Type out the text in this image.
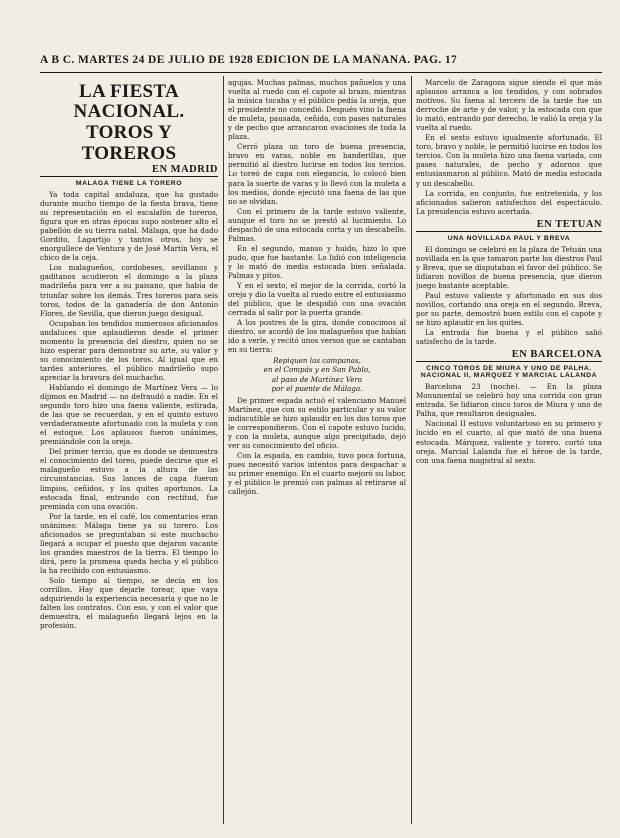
A B C. MARTES 24 DE JULIO DE 1928 EDICION DE LA MAÑANA. PAG. 17
LA FIESTA NACIONAL.
TOROS Y TOREROS
EN MADRID
MALAGA TIENE LA TORERO

Ya toda capital andaluza, que ha gustado durante mucho tiempo de la fiesta brava, tiene su representación en el escalafón de toreros, figura que en otras épocas supo sostener alto el pabellón de su tierra natal. Málaga, que ha dado Gordito, Lagartijo y tantos otros, hoy se enorgullece de Ventura y de José Martín Vera, el chico de la ceja.

Los malagueños, cordobeses, sevillanos y gaditanos acudieron el domingo a la plaza madrileña para ver a su paisano, que había de triunfar sobre los demás. Tres toreros para seis toros, todos de la ganadería de don Antonio Flores, de Sevilla, que dieron juego desigual.

Ocupaban los tendidos numerosos aficionados andaluces que aplaudieron desde el primer momento la presencia del diestro, quien no se hizo esperar para demostrar su arte, su valor y su conocimiento de los toros. Al igual que en tardes anteriores, el público madrileño supo apreciar la bravura del muchacho.

Hablando el domingo de Martínez Vera — lo dijimos en Madrid — no defraudó a nadie. En el segundo toro hizo una faena valiente, estirada, de las que se recuerdan, y en el quinto estuvo verdaderamente afortunado con la muleta y con el estoque. Los aplausos fueron unánimes, premiándole con la oreja.

Del primer tercio, que es donde se demuestra el conocimiento del toreo, puede decirse que el malagueño estuvo a la altura de las circunstancias. Sus lances de capa fueron limpios, ceñidos, y los quites oportunos. La estocada final, entrando con rectitud, fue premiada con una ovación.

Por la tarde, en el café, los comentarios eran unánimes: Málaga tiene ya su torero. Los aficionados se preguntaban si este muchacho llegará a ocupar el puesto que dejaron vacante los grandes maestros de la tierra. El tiempo lo dirá, pero la promesa queda hecha y el público la ha recibido con entusiasmo.

Solo tiempo al tiempo, se decía en los corrillos. Hay que dejarle torear, que vaya adquiriendo la experiencia necesaria y que no le falten los contratos. Con eso, y con el valor que demuestra, el malagueño llegará lejos en la profesión.

agujas. Muchas palmas, muchos pañuelos y una vuelta al ruedo con el capote al brazo, mientras la música tocaba y el público pedía la oreja, que el presidente no concedió. Después vino la faena de muleta, pausada, ceñida, con pases naturales y de pecho que arrancaron ovaciones de toda la plaza.

Cerró plaza un toro de buena presencia, bravo en varas, noble en banderillas, que permitió al diestro lucirse en todos los tercios. Lo toreó de capa con elegancia, lo colocó bien para la suerte de varas y lo llevó con la muleta a los medios, donde ejecutó una faena de las que no se olvidan.

Con el primero de la tarde estuvo valiente, aunque el toro no se prestó al lucimiento. Lo despachó de una estocada corta y un descabello. Palmas.

En el segundo, manso y huido, hizo lo que pudo, que fue bastante. Lo lidió con inteligencia y lo mató de media estocada bien señalada. Palmas y pitos.

Y en el sexto, el mejor de la corrida, cortó la oreja y dio la vuelta al ruedo entre el entusiasmo del público, que le despidió con una ovación cerrada al salir por la puerta grande.

A los postres de la gira, donde conocimos al diestro, se acordó de los malagueños que habían ido a verle, y recitó unos versos que se cantaban en su tierra:

Repiquen las campanas,
en el Compás y en San Pablo,
al paso de Martínez Vera
por el puente de Málaga.

De primer espada actuó el valenciano Manuel Martínez, que con su estilo particular y su valor indiscutible se hizo aplaudir en los dos toros que le correspondieron. Con el capote estuvo lucido, y con la muleta, aunque algo precipitado, dejó ver su conocimiento del oficio.

Con la espada, en cambio, tuvo poca fortuna, pues necesitó varios intentos para despachar a su primer enemigo. En el cuarto mejoró su labor, y el público le premió con palmas al retirarse al callejón.

Marcelo de Zaragoza sigue siendo el que más aplausos arranca a los tendidos, y con sobrados motivos. Su faena al tercero de la tarde fue un derroche de arte y de valor, y la estocada con que lo mató, entrando por derecho, le valió la oreja y la vuelta al ruedo.

En el sexto estuvo igualmente afortunado. El toro, bravo y noble, le permitió lucirse en todos los tercios. Con la muleta hizo una faena variada, con pases naturales, de pecho y adornos que entusiasmaron al público. Mató de media estocada y un descabello.

La corrida, en conjunto, fue entretenida, y los aficionados salieron satisfechos del espectáculo. La presidencia estuvo acertada.

EN TETUAN
UNA NOVILLADA PAUL Y BREVA

El domingo se celebró en la plaza de Tetuán una novillada en la que tomaron parte los diestros Paul y Breva, que se disputaban el favor del público. Se lidiaron novillos de buena presencia, que dieron juego bastante aceptable.

Paul estuvo valiente y afortunado en sus dos novillos, cortando una oreja en el segundo. Breva, por su parte, demostró buen estilo con el capote y se hizo aplaudir en los quites.

La entrada fue buena y el público salió satisfecho de la tarde.

EN BARCELONA
CINCO TOROS DE MIURA Y UNO DE PALHA. NACIONAL II, MARQUEZ Y MARCIAL LALANDA

Barcelona 23 (noche). — En la plaza Monumental se celebró hoy una corrida con gran entrada. Se lidiaron cinco toros de Miura y uno de Palha, que resultaron desiguales.

Nacional II estuvo voluntarioso en su primero y lucido en el cuarto, al que mató de una buena estocada. Márquez, valiente y torero, cortó una oreja. Marcial Lalanda fue el héroe de la tarde, con una faena magistral al sexto.
